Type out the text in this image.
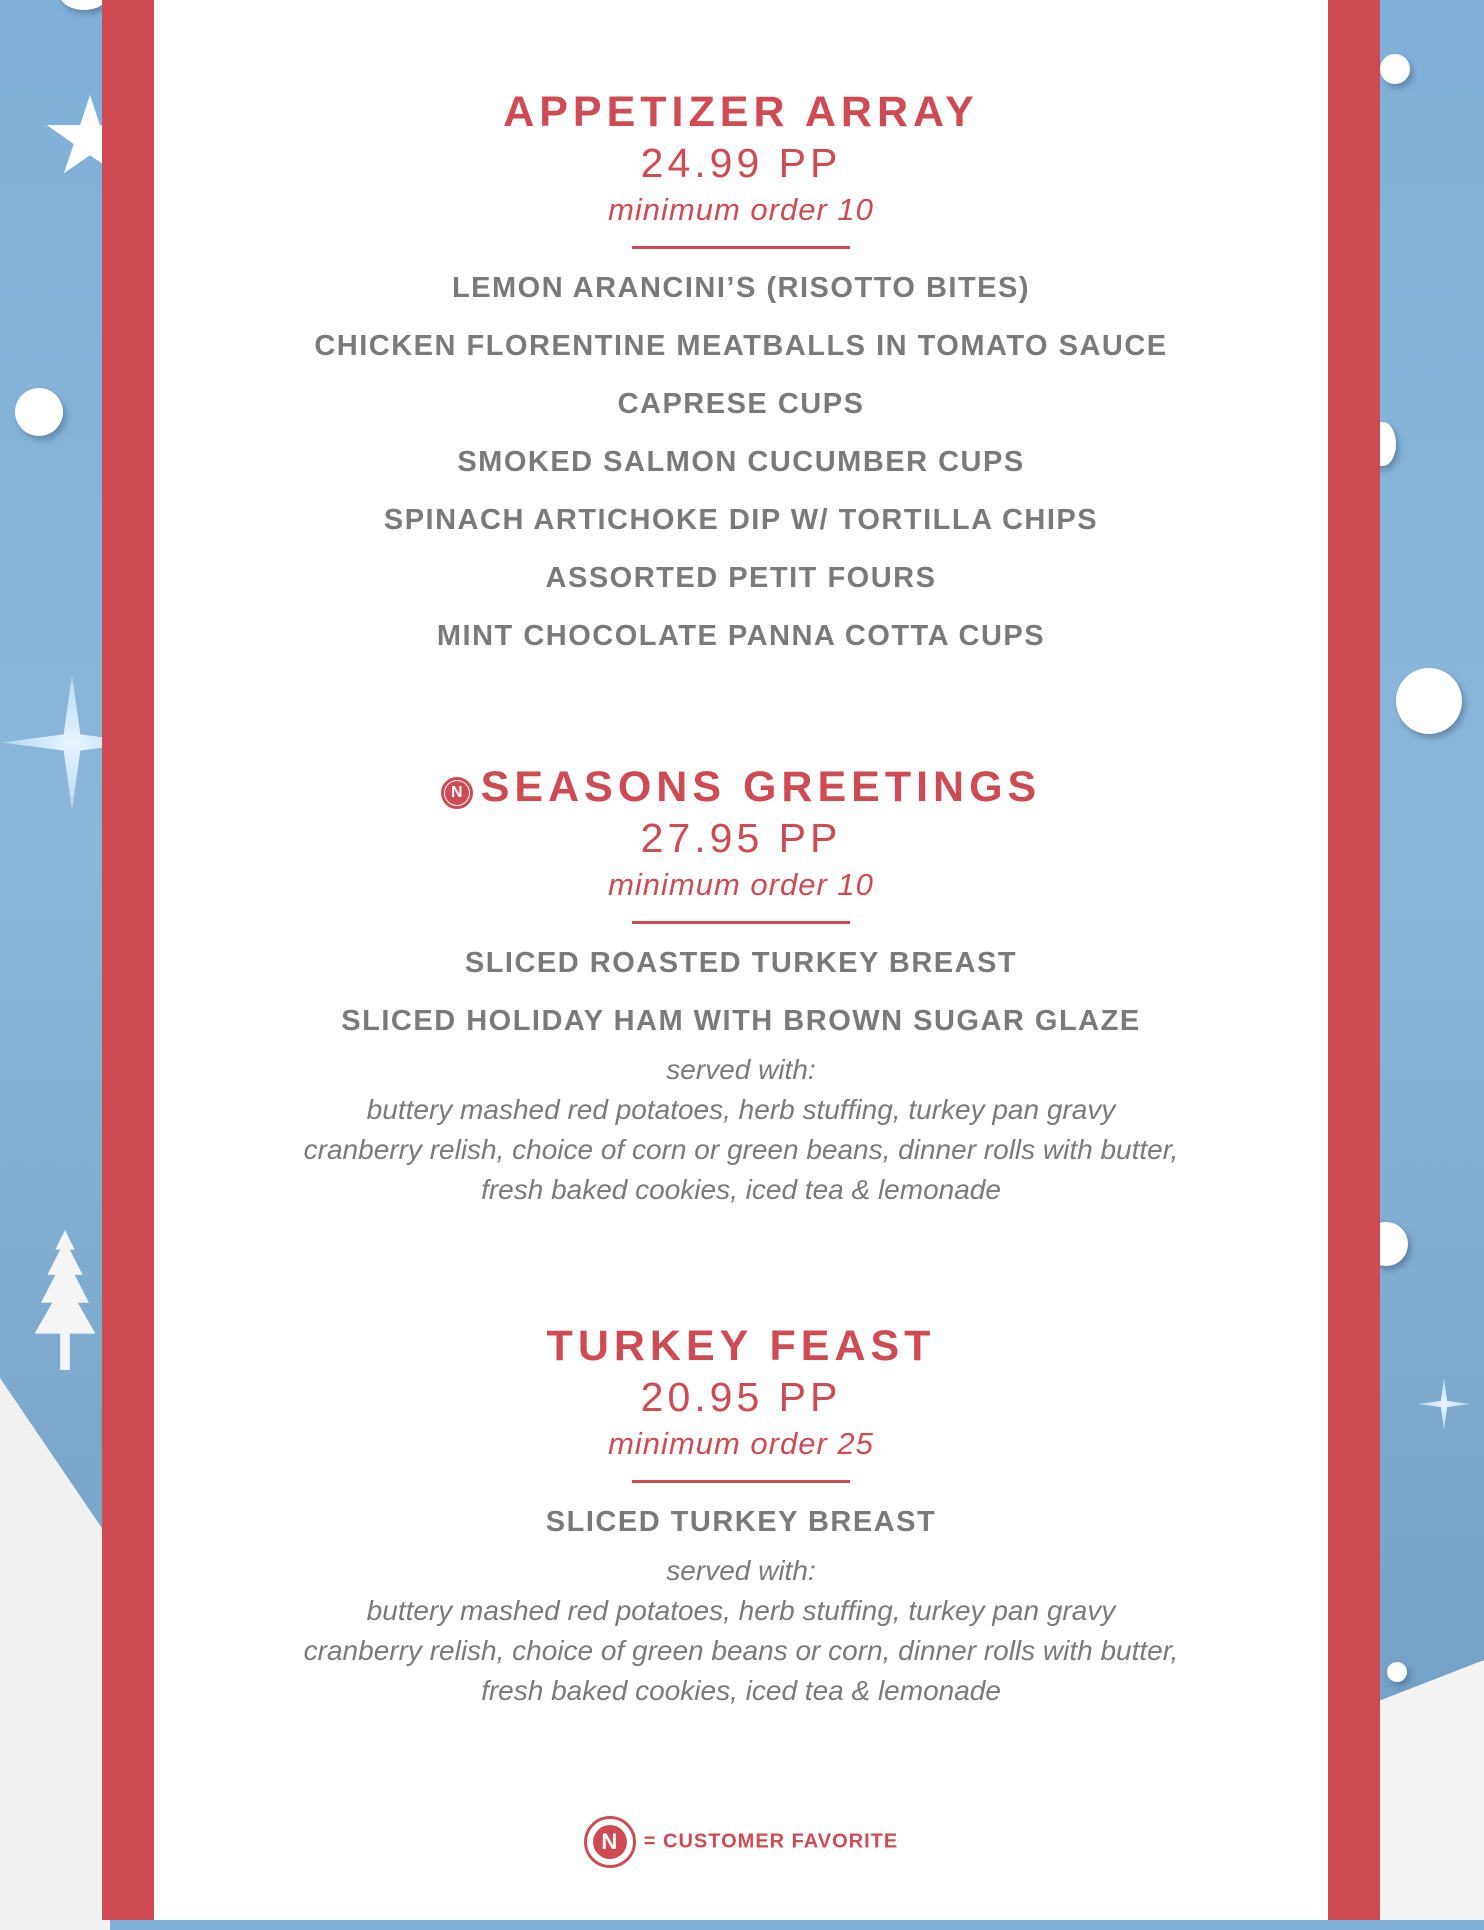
APPETIZER ARRAY
24.99 PP
minimum order 10

LEMON ARANCINI’S (RISOTTO BITES)

CHICKEN FLORENTINE MEATBALLS IN TOMATO SAUCE

CAPRESE CUPS

SMOKED SALMON CUCUMBER CUPS

SPINACH ARTICHOKE DIP W/ TORTILLA CHIPS

ASSORTED PETIT FOURS

MINT CHOCOLATE PANNA COTTA CUPS

N SEASONS GREETINGS
27.95 PP
minimum order 10

SLICED ROASTED TURKEY BREAST

SLICED HOLIDAY HAM WITH BROWN SUGAR GLAZE

served with:

buttery mashed red potatoes, herb stuffing, turkey pan gravy

cranberry relish, choice of corn or green beans, dinner rolls with butter,

fresh baked cookies, iced tea & lemonade

TURKEY FEAST
20.95 PP
minimum order 25

SLICED TURKEY BREAST

served with:

buttery mashed red potatoes, herb stuffing, turkey pan gravy

cranberry relish, choice of green beans or corn, dinner rolls with butter,

fresh baked cookies, iced tea & lemonade

N	= CUSTOMER FAVORITE
